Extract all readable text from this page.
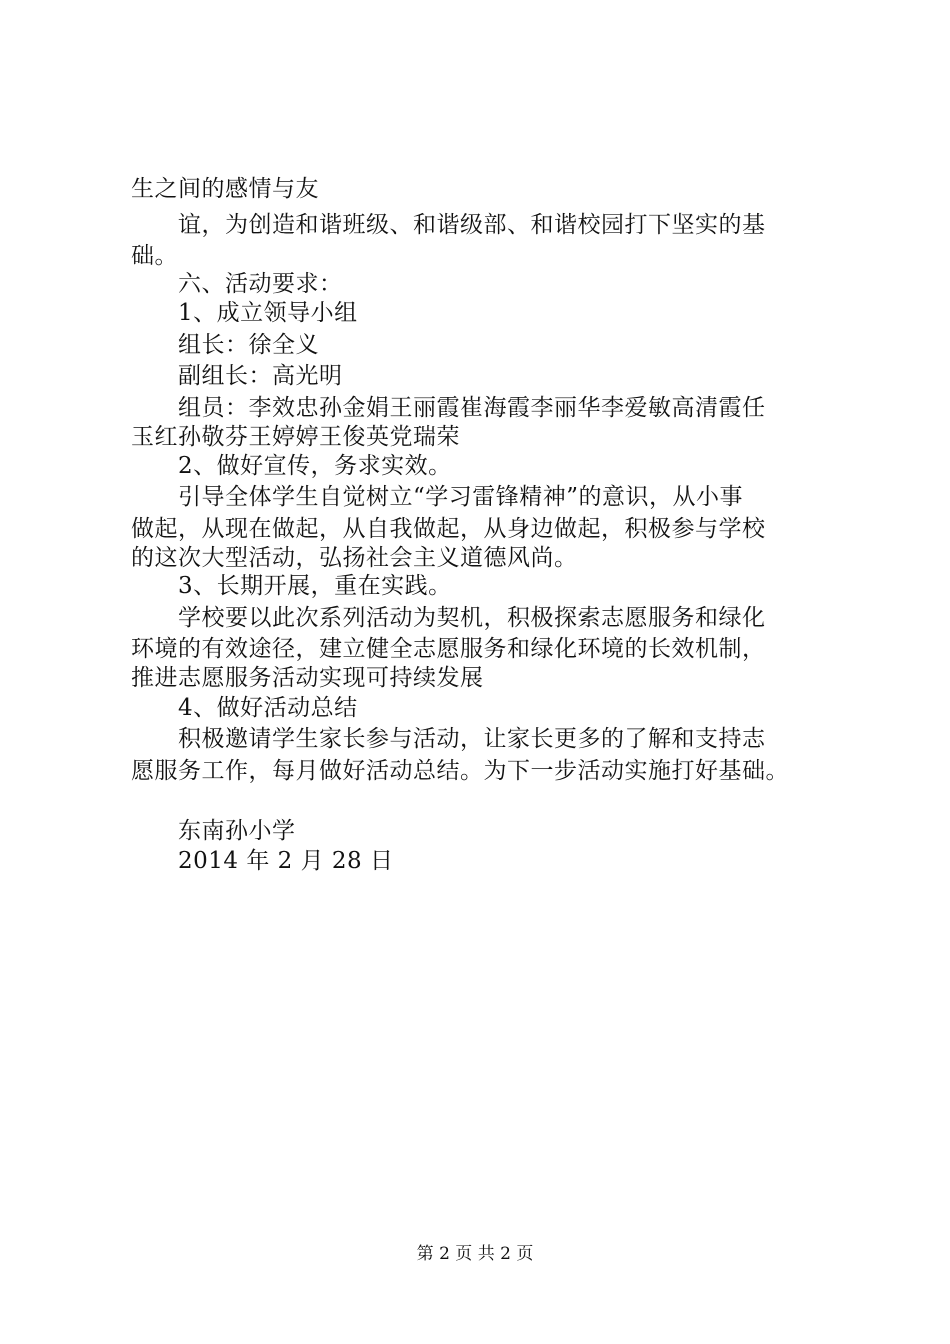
生之间的感情与友
谊，为创造和谐班级、和谐级部、和谐校园打下坚实的基
础。
六、活动要求：
1、成立领导小组
组长：徐全义
副组长：高光明
组员：李效忠孙金娟王丽霞崔海霞李丽华李爱敏高清霞任
玉红孙敬芬王婷婷王俊英党瑞荣
2、做好宣传，务求实效。
引导全体学生自觉树立“学习雷锋精神”的意识，从小事
做起，从现在做起，从自我做起，从身边做起，积极参与学校
的这次大型活动，弘扬社会主义道德风尚。
3、长期开展，重在实践。
学校要以此次系列活动为契机，积极探索志愿服务和绿化
环境的有效途径，建立健全志愿服务和绿化环境的长效机制，
推进志愿服务活动实现可持续发展
4、做好活动总结
积极邀请学生家长参与活动，让家长更多的了解和支持志
愿服务工作，每月做好活动总结。为下一步活动实施打好基础。
东南孙小学
2014 年 2 月 28 日
第 2 页 共 2 页
